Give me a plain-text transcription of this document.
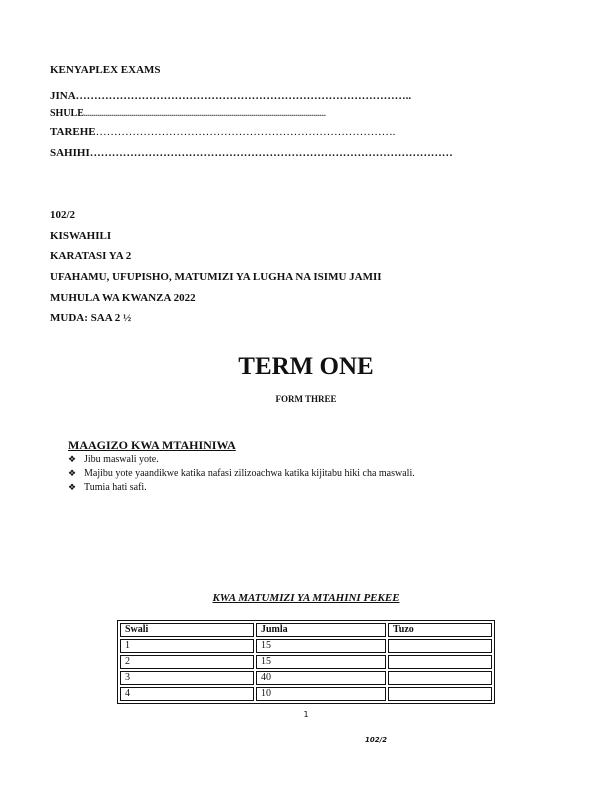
KENYAPLEX EXAMS
JINA………………………………………………………………………………..
SHULE.........................................................................................................................
TAREHE……………………………………………………………………….
SAHIHI………………………………………………………………………………………
102/2
KISWAHILI
KARATASI YA 2
UFAHAMU, UFUPISHO, MATUMIZI YA LUGHA NA ISIMU JAMII
MUHULA WA KWANZA 2022
MUDA: SAA 2 ½
TERM ONE
FORM THREE
MAAGIZO KWA MTAHINIWA
❖ Jibu maswali yote.
❖ Majibu yote yaandikwe katika nafasi zilizoachwa katika kijitabu hiki cha maswali.
❖ Tumia hati safi.
KWA MATUMIZI YA MTAHINI PEKEE
Swali	Jumla	Tuzo
1	15	
2	15	
3	40	
4	10	
1
102/2
